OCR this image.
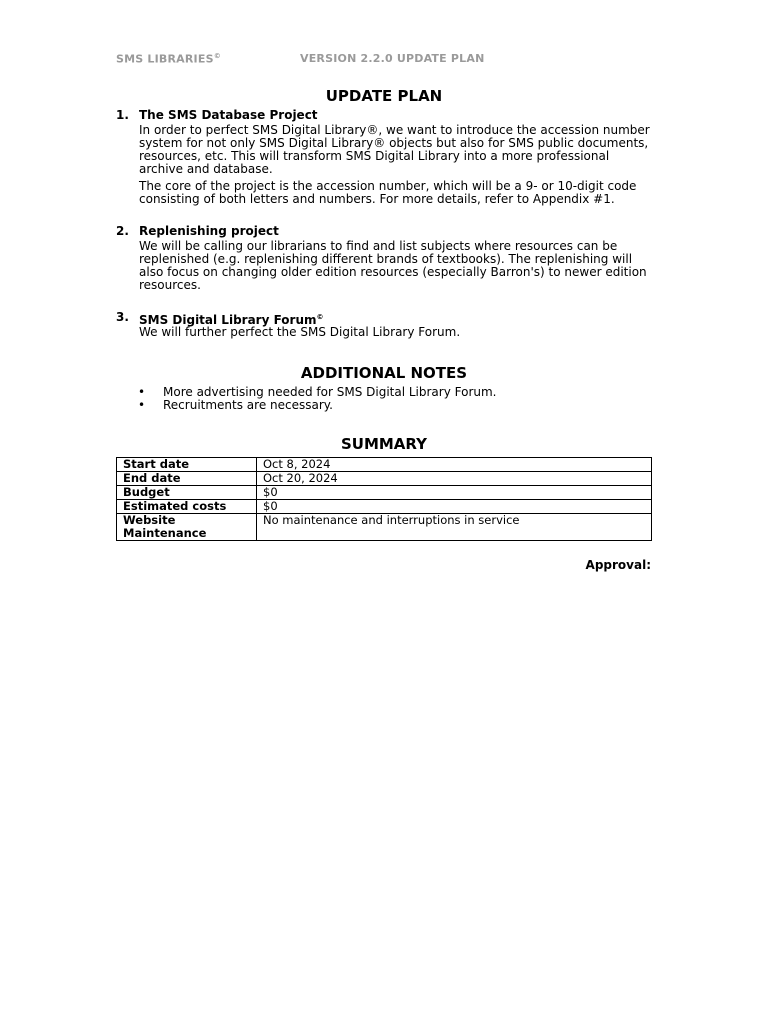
SMS LIBRARIES©	VERSION 2.2.0 UPDATE PLAN
UPDATE PLAN
1. The SMS Database Project

In order to perfect SMS Digital Library®, we want to introduce the accession number system for not only SMS Digital Library® objects but also for SMS public documents, resources, etc. This will transform SMS Digital Library into a more professional archive and database.

The core of the project is the accession number, which will be a 9- or 10-digit code consisting of both letters and numbers. For more details, refer to Appendix #1.

2. Replenishing project

We will be calling our librarians to find and list subjects where resources can be replenished (e.g. replenishing different brands of textbooks). The replenishing will also focus on changing older edition resources (especially Barron's) to newer edition resources.

3. SMS Digital Library Forum©

We will further perfect the SMS Digital Library Forum.

ADDITIONAL NOTES
• More advertising needed for SMS Digital Library Forum.
• Recruitments are necessary.
SUMMARY
Start date	Oct 8, 2024
End date	Oct 20, 2024
Budget	$0
Estimated costs	$0
Website Maintenance	No maintenance and interruptions in service
Approval:
